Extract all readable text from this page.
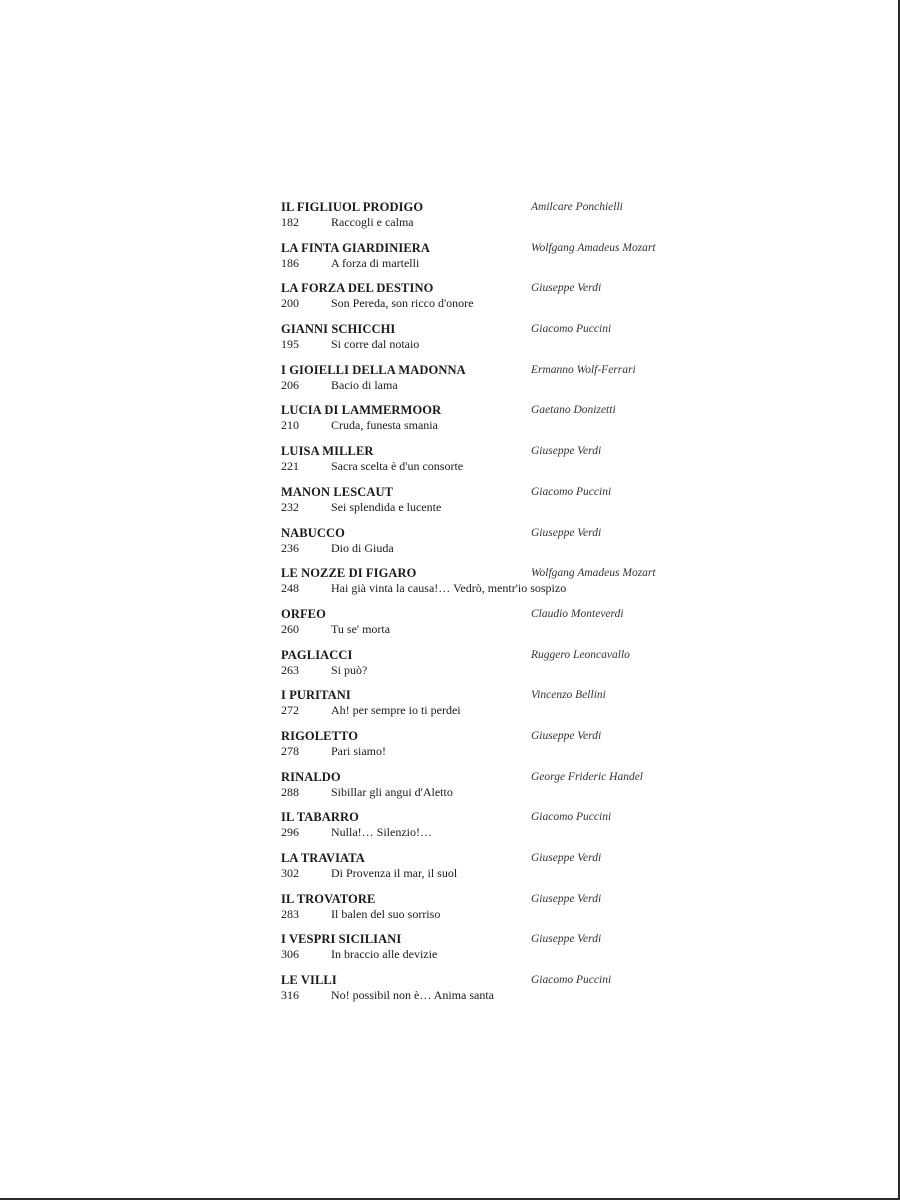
IL FIGLIUOL PRODIGO	Amilcare Ponchielli
182	Raccogli e calma
LA FINTA GIARDINIERA	Wolfgang Amadeus Mozart
186	A forza di martelli
LA FORZA DEL DESTINO	Giuseppe Verdi
200	Son Pereda, son ricco d'onore
GIANNI SCHICCHI	Giacomo Puccini
195	Si corre dal notaio
I GIOIELLI DELLA MADONNA	Ermanno Wolf-Ferrari
206	Bacio di lama
LUCIA DI LAMMERMOOR	Gaetano Donizetti
210	Cruda, funesta smania
LUISA MILLER	Giuseppe Verdi
221	Sacra scelta è d'un consorte
MANON LESCAUT	Giacomo Puccini
232	Sei splendida e lucente
NABUCCO	Giuseppe Verdi
236	Dio di Giuda
LE NOZZE DI FIGARO	Wolfgang Amadeus Mozart
248	Hai già vinta la causa!… Vedrò, mentr'io sospizo
ORFEO	Claudio Monteverdi
260	Tu se' morta
PAGLIACCI	Ruggero Leoncavallo
263	Si può?
I PURITANI	Vincenzo Bellini
272	Ah! per sempre io ti perdei
RIGOLETTO	Giuseppe Verdi
278	Pari siamo!
RINALDO	George Frideric Handel
288	Sibillar gli angui d'Aletto
IL TABARRO	Giacomo Puccini
296	Nulla!… Silenzio!…
LA TRAVIATA	Giuseppe Verdi
302	Di Provenza il mar, il suol
IL TROVATORE	Giuseppe Verdi
283	Il balen del suo sorriso
I VESPRI SICILIANI	Giuseppe Verdi
306	In braccio alle devizie
LE VILLI	Giacomo Puccini
316	No! possibil non è… Anima santa
